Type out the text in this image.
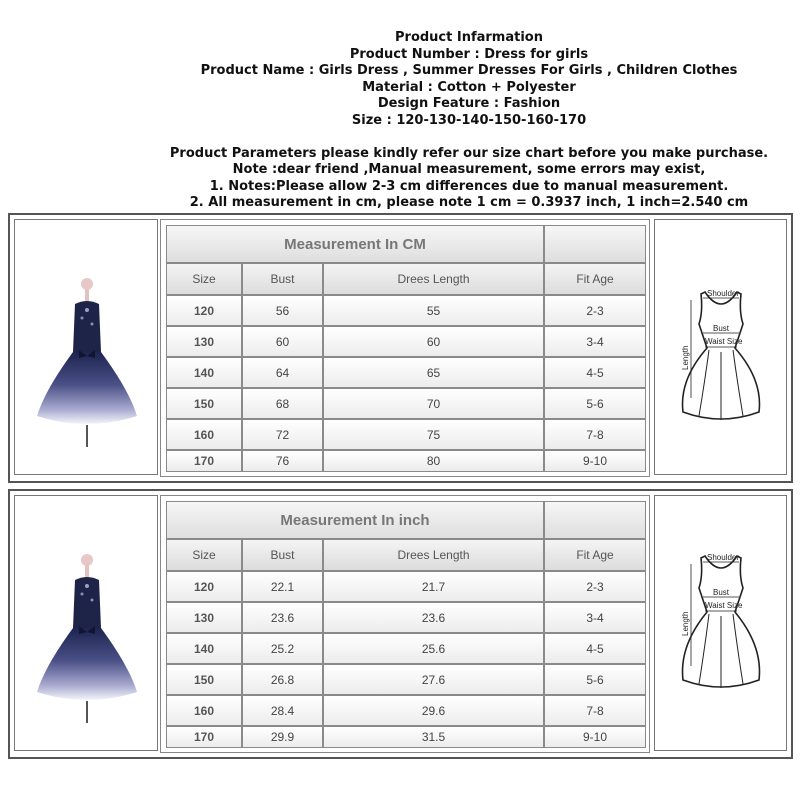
Product Infarmation
Product Number : Dress for girls
Product Name : Girls Dress , Summer Dresses For Girls , Children Clothes
Material : Cotton + Polyester
Design Feature : Fashion
Size : 120-130-140-150-160-170
Product Parameters please kindly refer our size chart before you make purchase.
Note :dear friend ,Manual measurement, some errors may exist,
1. Notes:Please allow 2-3 cm differences due to manual measurement.
2. All measurement in cm, please note 1 cm = 0.3937 inch, 1 inch=2.540 cm
Measurement In CM
Size	Bust	Drees Length	Fit Age
120	56	55	2-3
130	60	60	3-4
140	64	65	4-5
150	68	70	5-6
160	72	75	7-8
170	76	80	9-10
Shoulder
Bust
Waist Size
Length
Measurement In inch
Size	Bust	Drees Length	Fit Age
120	22.1	21.7	2-3
130	23.6	23.6	3-4
140	25.2	25.6	4-5
150	26.8	27.6	5-6
160	28.4	29.6	7-8
170	29.9	31.5	9-10
Shoulder
Bust
Waist Size
Length
